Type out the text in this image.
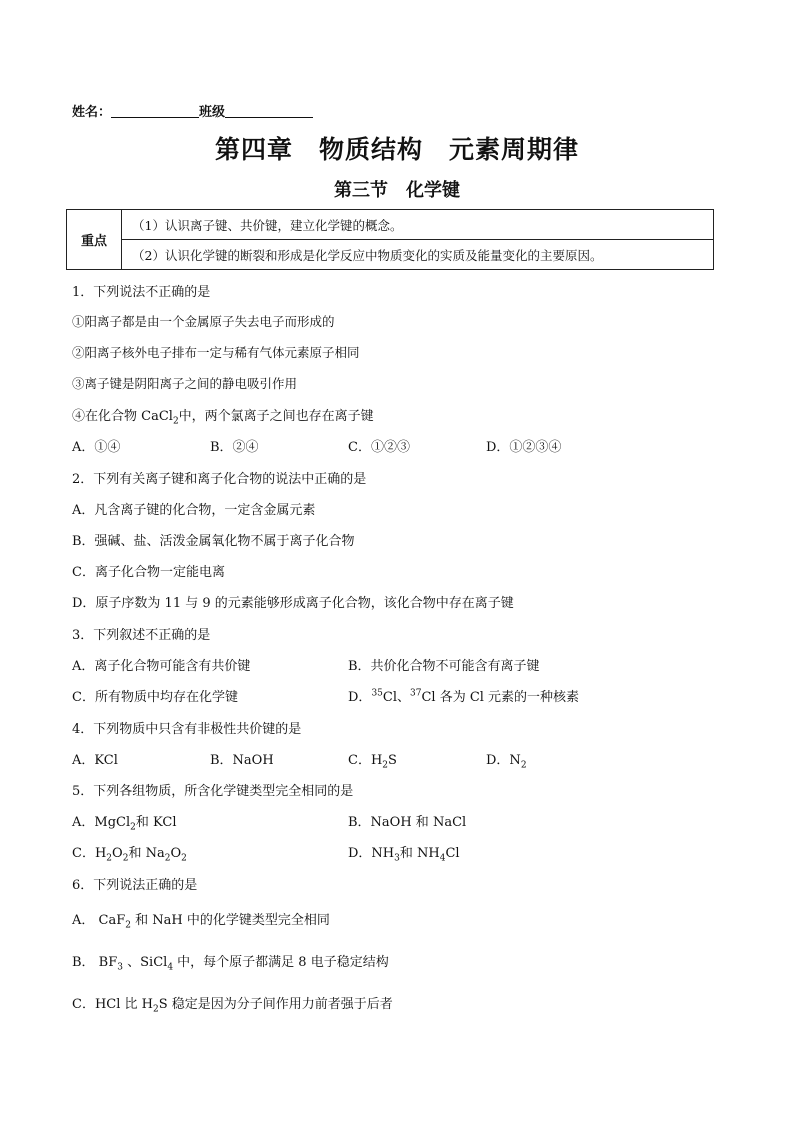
姓名：	班级
第四章　物质结构　元素周期律
第三节　化学键
重点
（1）认识离子键、共价键，建立化学键的概念。
（2）认识化学键的断裂和形成是化学反应中物质变化的实质及能量变化的主要原因。
1．下列说法不正确的是
①阳离子都是由一个金属原子失去电子而形成的
②阳离子核外电子排布一定与稀有气体元素原子相同
③离子键是阴阳离子之间的静电吸引作用
④在化合物 CaCl$_2$中，两个氯离子之间也存在离子键
A．①④	B．②④	C．①②③	D．①②③④
2．下列有关离子键和离子化合物的说法中正确的是
A．凡含离子键的化合物，一定含金属元素
B．强碱、盐、活泼金属氧化物不属于离子化合物
C．离子化合物一定能电离
D．原子序数为 11 与 9 的元素能够形成离子化合物，该化合物中存在离子键
3．下列叙述不正确的是
A．离子化合物可能含有共价键	B．共价化合物不可能含有离子键
C．所有物质中均存在化学键	D．$^{35}$Cl、$^{37}$Cl 各为 Cl 元素的一种核素
4．下列物质中只含有非极性共价键的是
A．KCl	B．NaOH	C．$H_2S$	D．$N_2$
5．下列各组物质，所含化学键类型完全相同的是
A．MgCl$_2$和 KCl	B．NaOH 和 NaCl
C．$H_2O_2$和 $Na_2O_2$	D．$NH_3$和 $NH_4Cl$
6．下列说法正确的是
A． CaF$_2$ 和 NaH 中的化学键类型完全相同
B． $BF_3$ 、SiCl$_4$ 中，每个原子都满足 8 电子稳定结构
C．HCl 比 $H_2S$ 稳定是因为分子间作用力前者强于后者
